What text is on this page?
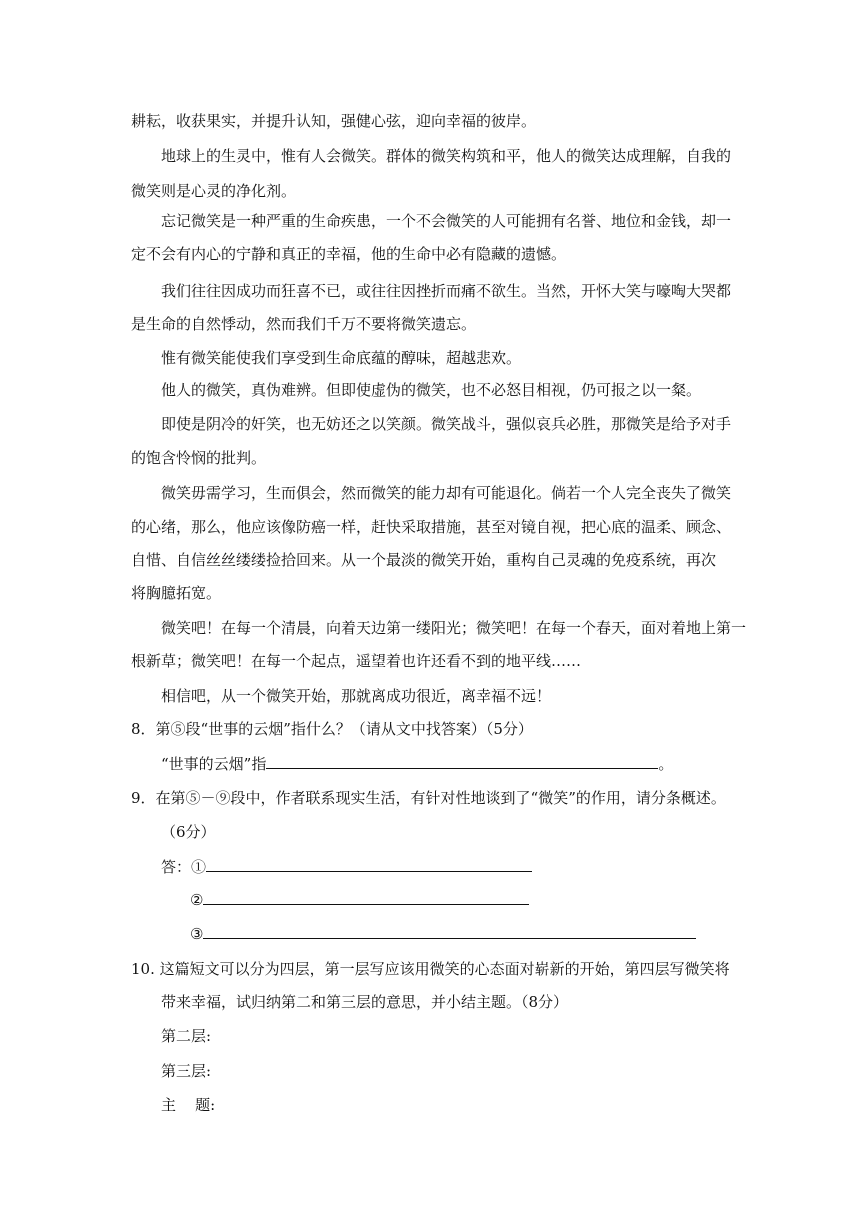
耕耘，收获果实，并提升认知，强健心弦，迎向幸福的彼岸。
地球上的生灵中，惟有人会微笑。群体的微笑构筑和平，他人的微笑达成理解，自我的
微笑则是心灵的净化剂。
忘记微笑是一种严重的生命疾患，一个不会微笑的人可能拥有名誉、地位和金钱，却一
定不会有内心的宁静和真正的幸福，他的生命中必有隐藏的遗憾。
我们往往因成功而狂喜不已，或往往因挫折而痛不欲生。当然，开怀大笑与嚎啕大哭都
是生命的自然悸动，然而我们千万不要将微笑遗忘。
惟有微笑能使我们享受到生命底蕴的醇味，超越悲欢。
他人的微笑，真伪难辨。但即使虚伪的微笑，也不必怒目相视，仍可报之以一粲。
即使是阴冷的奸笑，也无妨还之以笑颜。微笑战斗，强似哀兵必胜，那微笑是给予对手
的饱含怜悯的批判。
微笑毋需学习，生而俱会，然而微笑的能力却有可能退化。倘若一个人完全丧失了微笑
的心绪，那么，他应该像防癌一样，赶快采取措施，甚至对镜自视，把心底的温柔、顾念、
自惜、自信丝丝缕缕捡拾回来。从一个最淡的微笑开始，重构自己灵魂的免疫系统，再次
将胸臆拓宽。
微笑吧！在每一个清晨，向着天边第一缕阳光；微笑吧！在每一个春天，面对着地上第一
根新草；微笑吧！在每一个起点，遥望着也许还看不到的地平线……
相信吧，从一个微笑开始，那就离成功很近，离幸福不远！
8．第⑤段“世事的云烟”指什么？（请从文中找答案）（5分）
“世事的云烟”指	。
9．在第⑤－⑨段中，作者联系现实生活，有针对性地谈到了“微笑”的作用，请分条概述。
（6分）
答：①
②
③
10. 这篇短文可以分为四层，第一层写应该用微笑的心态面对崭新的开始，第四层写微笑将
带来幸福，试归纳第二和第三层的意思，并小结主题。（8分）
第二层:
第三层:
主    题:
